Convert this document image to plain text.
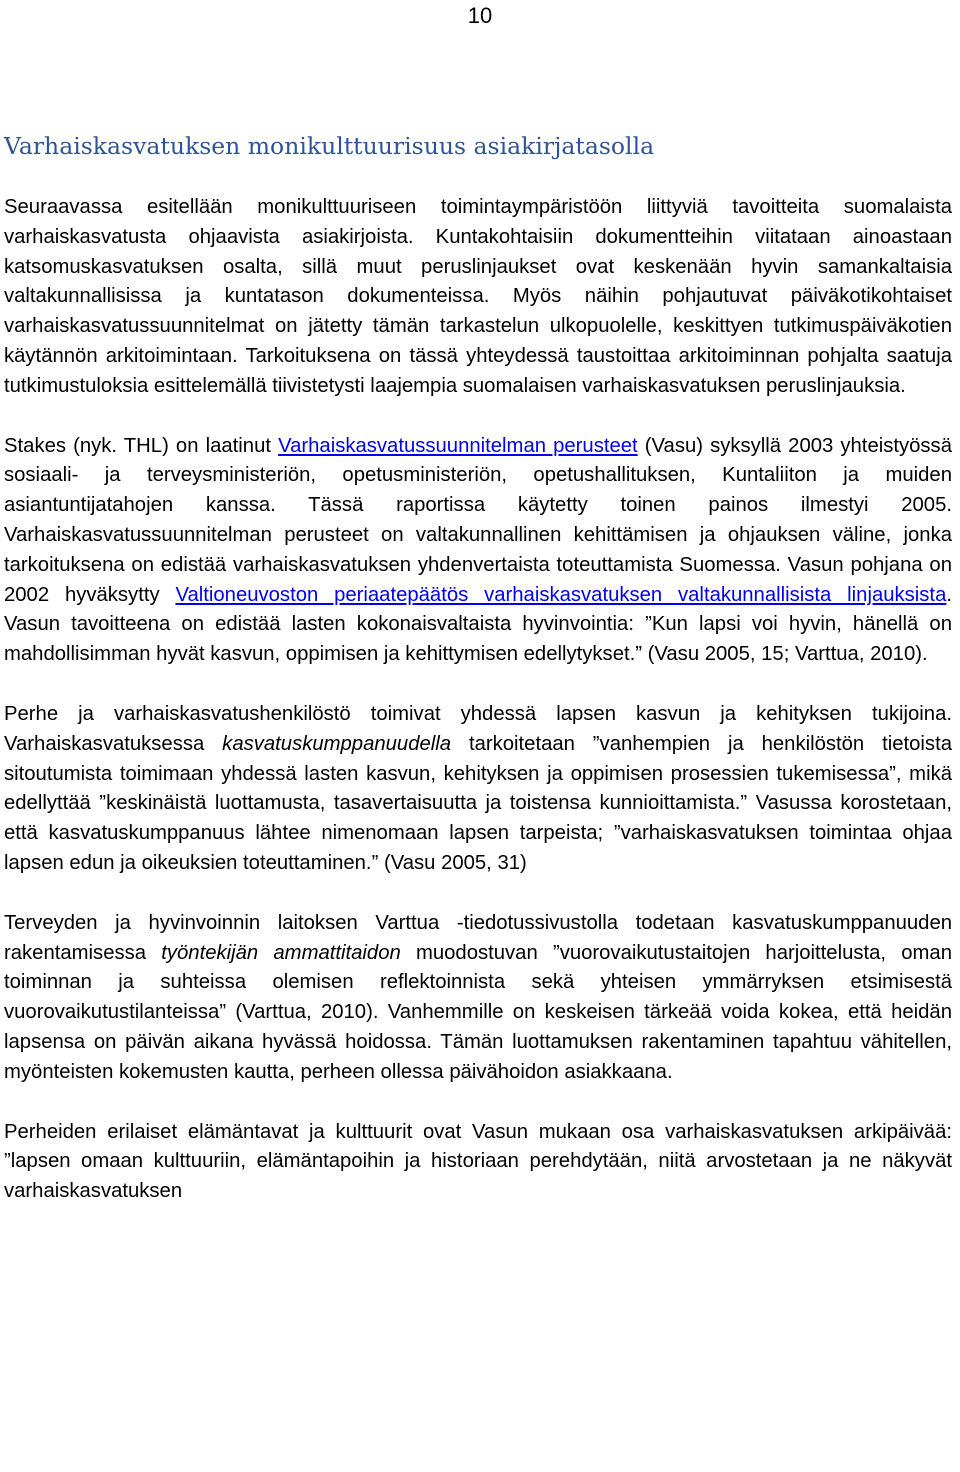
10
Varhaiskasvatuksen monikulttuurisuus asiakirjatasolla

Seuraavassa esitellään monikulttuuriseen toimintaympäristöön liittyviä tavoitteita suomalaista varhaiskasvatusta ohjaavista asiakirjoista. Kuntakohtaisiin dokumentteihin viitataan ainoastaan katsomuskasvatuksen osalta, sillä muut peruslinjaukset ovat keskenään hyvin samankaltaisia valtakunnallisissa ja kuntatason dokumenteissa. Myös näihin pohjautuvat päiväkotikohtaiset varhaiskasvatussuunnitelmat on jätetty tämän tarkastelun ulkopuolelle, keskittyen tutkimuspäiväkotien käytännön arkitoimintaan. Tarkoituksena on tässä yhteydessä taustoittaa arkitoiminnan pohjalta saatuja tutkimustuloksia esittelemällä tiivistetysti laajempia suomalaisen varhaiskasvatuksen peruslinjauksia.

Stakes (nyk. THL) on laatinut Varhaiskasvatussuunnitelman perusteet (Vasu) syksyllä 2003 yhteistyössä sosiaali- ja terveysministeriön, opetusministeriön, opetushallituksen, Kuntaliiton ja muiden asiantuntijatahojen kanssa. Tässä raportissa käytetty toinen painos ilmestyi 2005. Varhaiskasvatussuunnitelman perusteet on valtakunnallinen kehittämisen ja ohjauksen väline, jonka tarkoituksena on edistää varhaiskasvatuksen yhdenvertaista toteuttamista Suomessa. Vasun pohjana on 2002 hyväksytty Valtioneuvoston periaatepäätös varhaiskasvatuksen valtakunnallisista linjauksista. Vasun tavoitteena on edistää lasten kokonaisvaltaista hyvinvointia: ”Kun lapsi voi hyvin, hänellä on mahdollisimman hyvät kasvun, oppimisen ja kehittymisen edellytykset.” (Vasu 2005, 15; Varttua, 2010).

Perhe ja varhaiskasvatushenkilöstö toimivat yhdessä lapsen kasvun ja kehityksen tukijoina. Varhaiskasvatuksessa kasvatuskumppanuudella tarkoitetaan ”vanhempien ja henkilöstön tietoista sitoutumista toimimaan yhdessä lasten kasvun, kehityksen ja oppimisen prosessien tukemisessa”, mikä edellyttää ”keskinäistä luottamusta, tasavertaisuutta ja toistensa kunnioittamista.” Vasussa korostetaan, että kasvatuskumppanuus lähtee nimenomaan lapsen tarpeista; ”varhaiskasvatuksen toimintaa ohjaa lapsen edun ja oikeuksien toteuttaminen.” (Vasu 2005, 31)

Terveyden ja hyvinvoinnin laitoksen Varttua -tiedotussivustolla todetaan kasvatuskumppanuuden rakentamisessa työntekijän ammattitaidon muodostuvan ”vuorovaikutustaitojen harjoittelusta, oman toiminnan ja suhteissa olemisen reflektoinnista sekä yhteisen ymmärryksen etsimisestä vuorovaikutustilanteissa” (Varttua, 2010). Vanhemmille on keskeisen tärkeää voida kokea, että heidän lapsensa on päivän aikana hyvässä hoidossa. Tämän luottamuksen rakentaminen tapahtuu vähitellen, myönteisten kokemusten kautta, perheen ollessa päivähoidon asiakkaana.

Perheiden erilaiset elämäntavat ja kulttuurit ovat Vasun mukaan osa varhaiskasvatuksen arkipäivää: ”lapsen omaan kulttuuriin, elämäntapoihin ja historiaan perehdytään, niitä arvostetaan ja ne näkyvät varhaiskasvatuksen
